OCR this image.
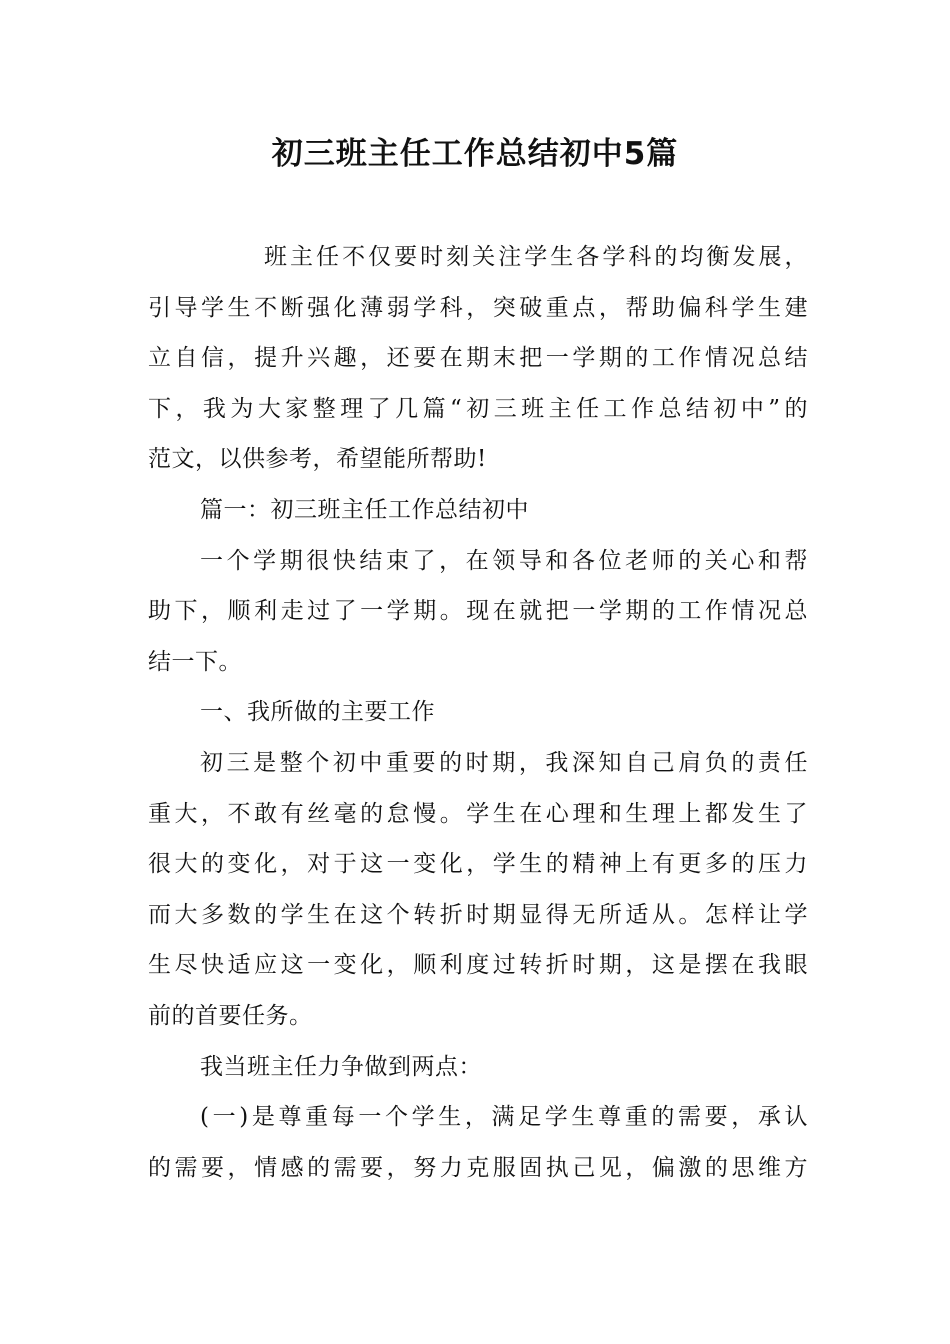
初三班主任工作总结初中5篇
班主任不仅要时刻关注学生各学科的均衡发展，
引导学生不断强化薄弱学科，突破重点，帮助偏科学生建
立自信，提升兴趣，还要在期末把一学期的工作情况总结
下，我为大家整理了几篇“初三班主任工作总结初中”的
范文，以供参考，希望能所帮助!
篇一：初三班主任工作总结初中
一个学期很快结束了，在领导和各位老师的关心和帮
助下，顺利走过了一学期。现在就把一学期的工作情况总
结一下。
一、我所做的主要工作
初三是整个初中重要的时期，我深知自己肩负的责任
重大，不敢有丝毫的怠慢。学生在心理和生理上都发生了
很大的变化，对于这一变化，学生的精神上有更多的压力
而大多数的学生在这个转折时期显得无所适从。怎样让学
生尽快适应这一变化，顺利度过转折时期，这是摆在我眼
前的首要任务。
我当班主任力争做到两点：
(一)是尊重每一个学生，满足学生尊重的需要，承认
的需要，情感的需要，努力克服固执己见，偏激的思维方
